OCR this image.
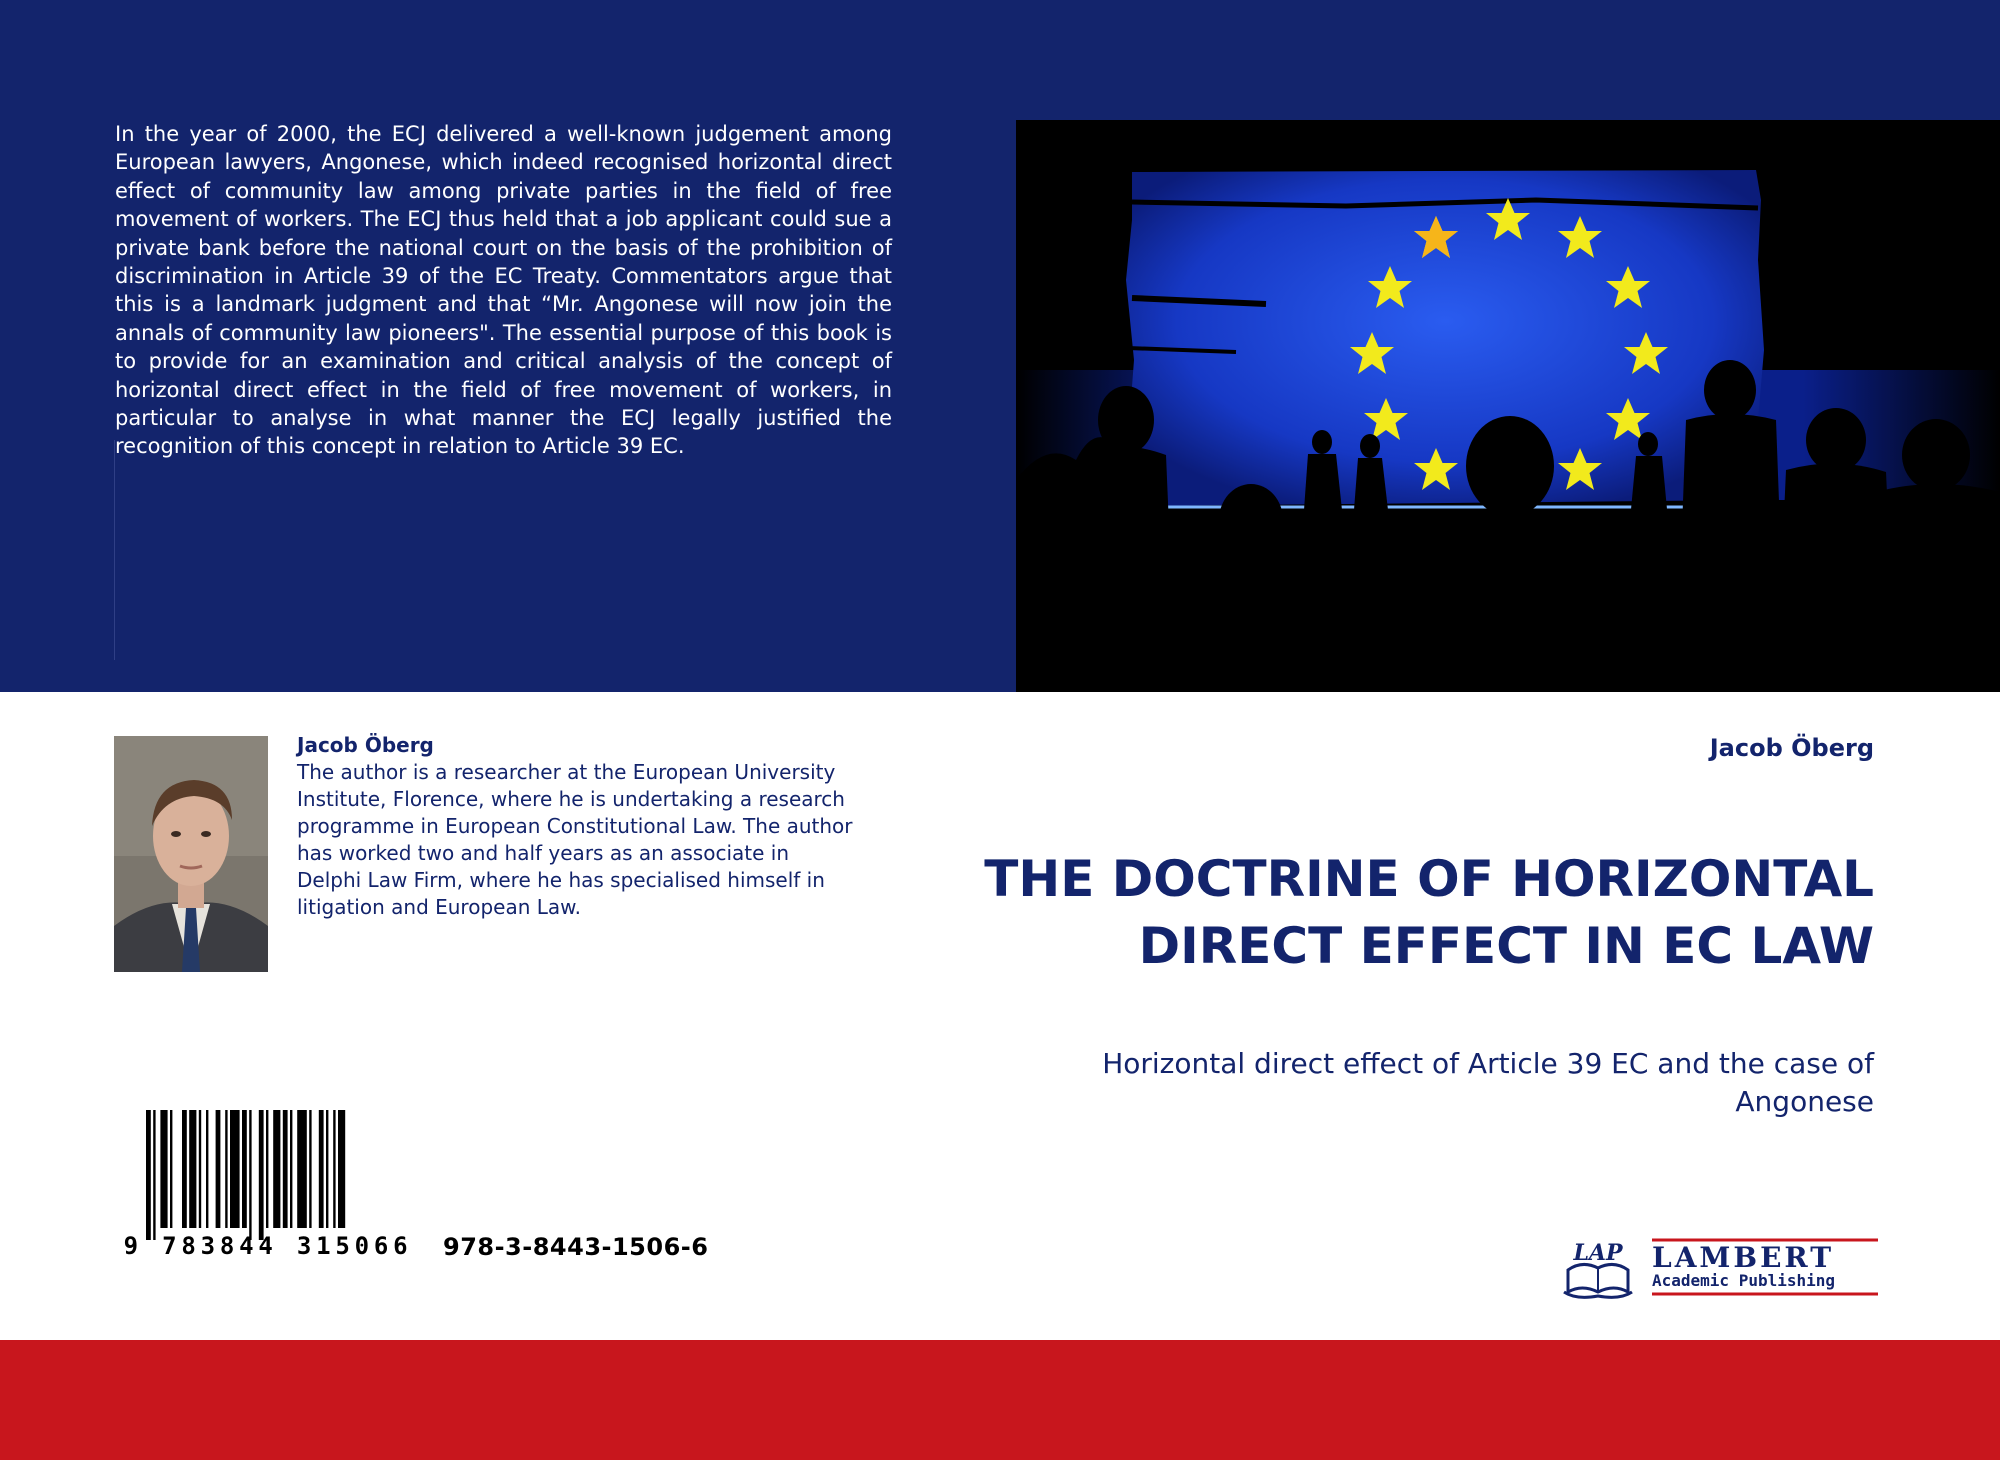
In the year of 2000, the ECJ delivered a well-known judgement among European lawyers, Angonese, which indeed recognised horizontal direct effect of community law among private parties in the field of free movement of workers. The ECJ thus held that a job applicant could sue a private bank before the national court on the basis of the prohibition of discrimination in Article 39 of the EC Treaty. Commentators argue that this is a landmark judgment and that “Mr. Angonese will now join the annals of community law pioneers". The essential purpose of this book is to provide for an examination and critical analysis of the concept of horizontal direct effect in the field of free movement of workers, in particular to analyse in what manner the ECJ legally justified the recognition of this concept in relation to Article 39 EC.

Jacob Öberg

The author is a researcher at the European University Institute, Florence, where he is undertaking a research programme in European Constitutional Law. The author has worked two and half years as an associate in Delphi Law Firm, where he has specialised himself in litigation and European Law.

9 783844 315066 978-3-8443-1506-6
Jacob Öberg

THE DOCTRINE OF HORIZONTAL DIRECT EFFECT IN EC LAW

Horizontal direct effect of Article 39 EC and the case of Angonese

LAP LAMBERT
Academic Publishing
